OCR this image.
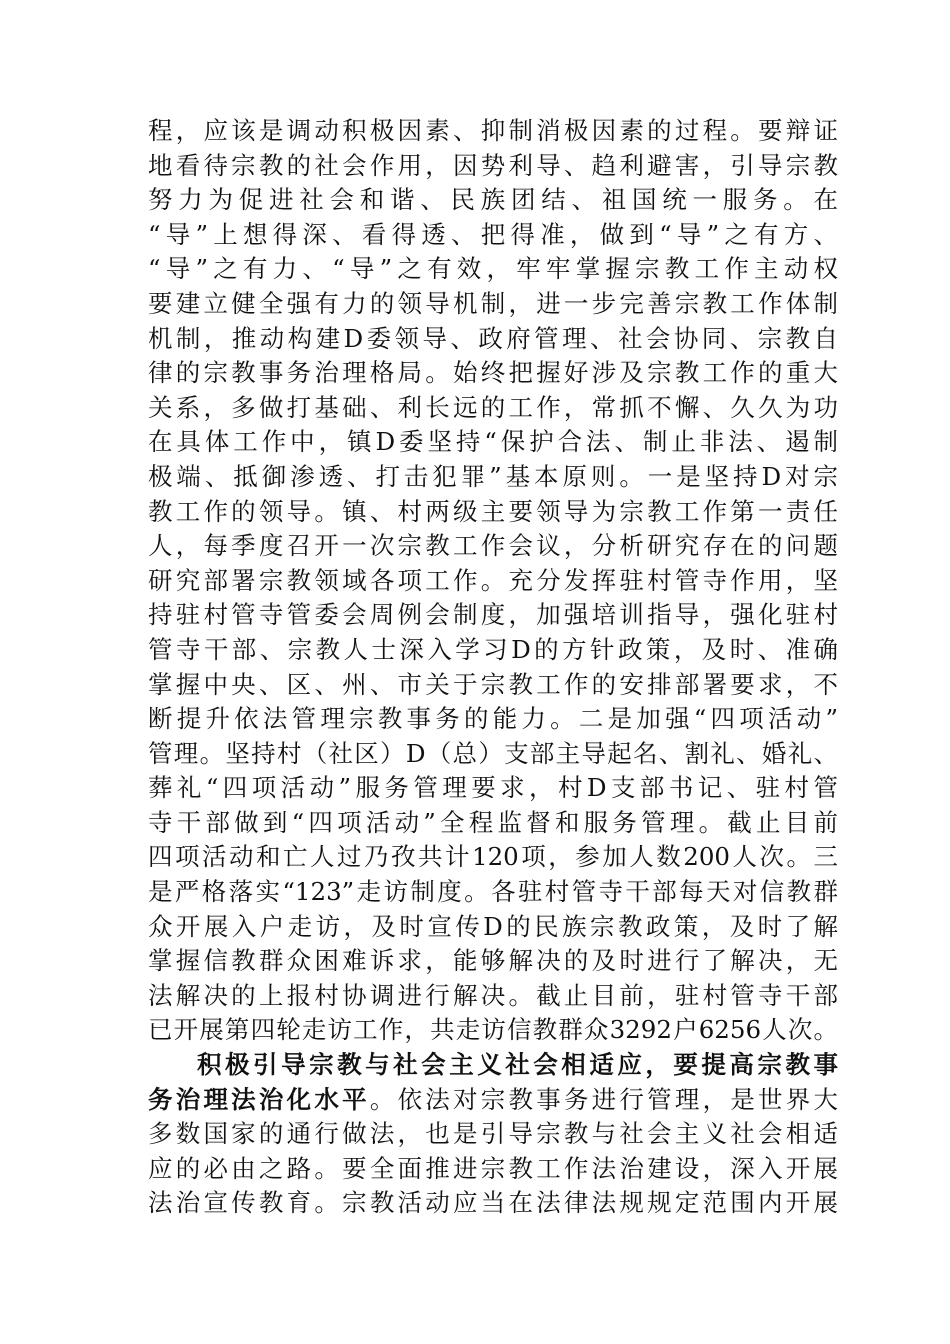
程，应该是调动积极因素、抑制消极因素的过程。要辩证
地看待宗教的社会作用，因势利导、趋利避害，引导宗教
努力为促进社会和谐、民族团结、祖国统一服务。在
“导”上想得深、看得透、把得准，做到“导”之有方、
“导”之有力、“导”之有效，牢牢掌握宗教工作主动权
要建立健全强有力的领导机制，进一步完善宗教工作体制
机制，推动构建D委领导、政府管理、社会协同、宗教自
律的宗教事务治理格局。始终把握好涉及宗教工作的重大
关系，多做打基础、利长远的工作，常抓不懈、久久为功
在具体工作中，镇D委坚持“保护合法、制止非法、遏制
极端、抵御渗透、打击犯罪”基本原则。一是坚持D对宗
教工作的领导。镇、村两级主要领导为宗教工作第一责任
人，每季度召开一次宗教工作会议，分析研究存在的问题
研究部署宗教领域各项工作。充分发挥驻村管寺作用，坚
持驻村管寺管委会周例会制度，加强培训指导，强化驻村
管寺干部、宗教人士深入学习D的方针政策，及时、准确
掌握中央、区、州、市关于宗教工作的安排部署要求，不
断提升依法管理宗教事务的能力。二是加强“四项活动”
管理。坚持村（社区）D（总）支部主导起名、割礼、婚礼、
葬礼“四项活动”服务管理要求，村D支部书记、驻村管
寺干部做到“四项活动”全程监督和服务管理。截止目前
四项活动和亡人过乃孜共计120项，参加人数200人次。三
是严格落实“123”走访制度。各驻村管寺干部每天对信教群
众开展入户走访，及时宣传D的民族宗教政策，及时了解
掌握信教群众困难诉求，能够解决的及时进行了解决，无
法解决的上报村协调进行解决。截止目前，驻村管寺干部
已开展第四轮走访工作，共走访信教群众3292户6256人次。
积极引导宗教与社会主义社会相适应，要提高宗教事
务治理法治化水平。依法对宗教事务进行管理，是世界大
多数国家的通行做法，也是引导宗教与社会主义社会相适
应的必由之路。要全面推进宗教工作法治建设，深入开展
法治宣传教育。宗教活动应当在法律法规规定范围内开展
